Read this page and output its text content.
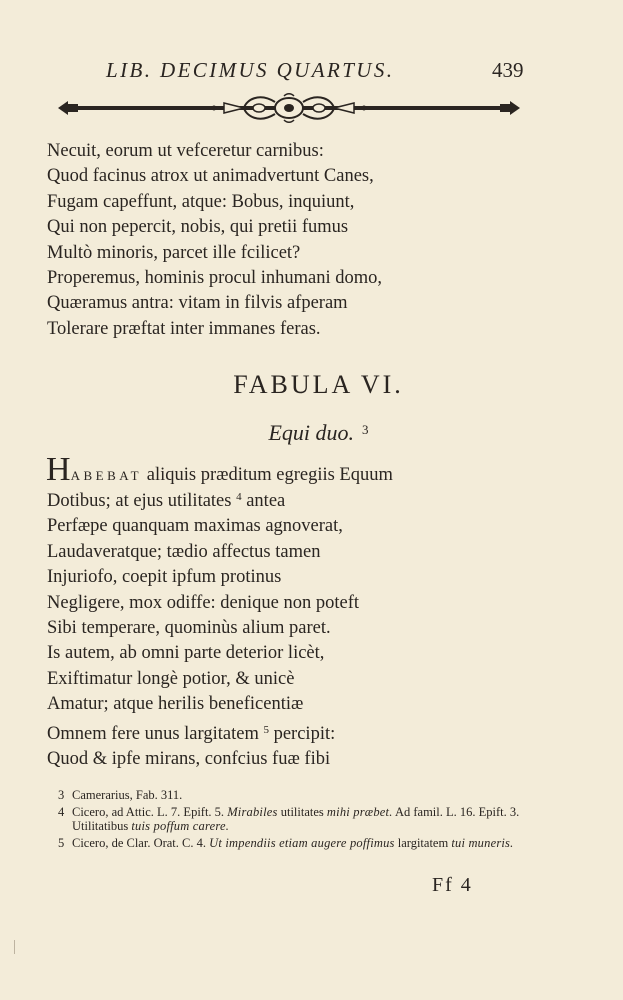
LIB. DECIMUS QUARTUS.	439
Necuit, eorum ut vefceretur carnibus:
Quod facinus atrox ut animadvertunt Canes,
Fugam capeffunt, atque: Bobus, inquiunt,
Qui non pepercit, nobis, qui pretii fumus
Multò minoris, parcet ille fcilicet?
Properemus, hominis procul inhumani domo,
Quæramus antra: vitam in filvis afperam
Tolerare præftat inter immanes feras.
FABULA VI.
Equi duo. $^3$
HABEBAT aliquis præditum egregiis Equum
Dotibus; at ejus utilitates $^4$ antea
Perfæpe quanquam maximas agnoverat,
Laudaveratque; tædio affectus tamen
Injuriofo, coepit ipfum protinus
Negligere, mox odiffe: denique non poteft
Sibi temperare, quominùs alium paret.
Is autem, ab omni parte deterior licèt,
Exiftimatur longè potior, & unicè
Amatur; atque herilis beneficentiæ
Omnem fere unus largitatem $^5$ percipit:
Quod & ipfe mirans, confcius fuæ fibi
3 Camerarius, Fab. 311.
4 Cicero, ad Attic. L. 7. Epift. 5. Mirabiles utilitates mihi præbet. Ad famil. L. 16. Epift. 3. Utilitatibus tuis poffum carere.
5 Cicero, de Clar. Orat. C. 4. Ut impendiis etiam augere poffimus largitatem tui muneris.
Ff 4
